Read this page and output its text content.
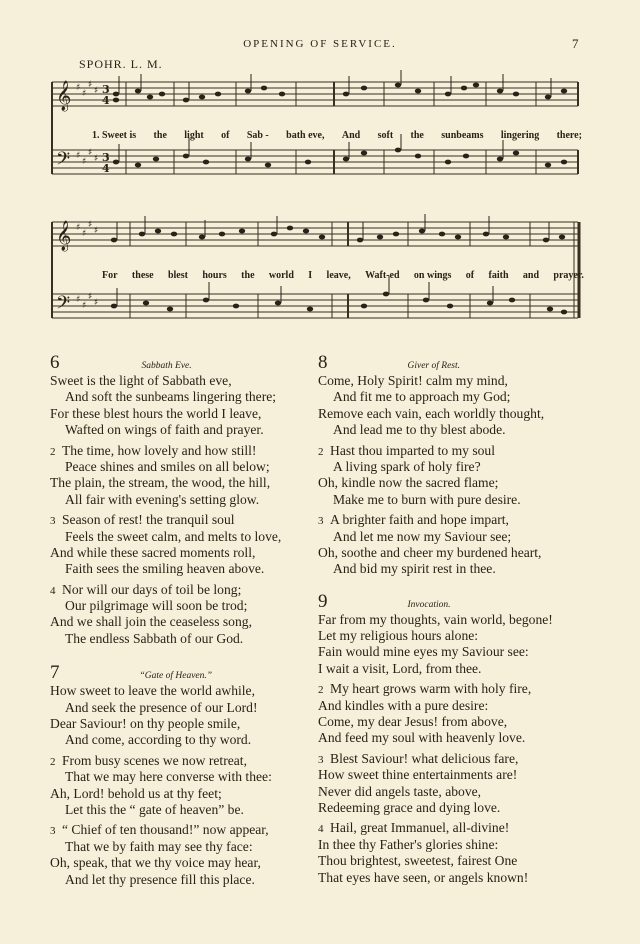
OPENING OF SERVICE.	7
SPOHR. L. M.
𝄞
𝄢
♯
♯
♯
♯
♯
♯
♯
♯
3
4
3
4
1. Sweet is the light of Sab - bath eve, And soft the sunbeams lingering there;
𝄞
𝄢
♯
♯
♯
♯
♯
♯
♯
♯
For these blest hours the world I leave, Waft-ed on wings of faith and prayer.
6	Sabbath Eve.
Sweet is the light of Sabbath eve,
And soft the sunbeams lingering there;
For these blest hours the world I leave,
Wafted on wings of faith and prayer.
2 The time, how lovely and how still!
Peace shines and smiles on all below;
The plain, the stream, the wood, the hill,
All fair with evening's setting glow.
3 Season of rest! the tranquil soul
Feels the sweet calm, and melts to love,
And while these sacred moments roll,
Faith sees the smiling heaven above.
4 Nor will our days of toil be long;
Our pilgrimage will soon be trod;
And we shall join the ceaseless song,
The endless Sabbath of our God.
7	“Gate of Heaven.”
How sweet to leave the world awhile,
And seek the presence of our Lord!
Dear Saviour! on thy people smile,
And come, according to thy word.
2 From busy scenes we now retreat,
That we may here converse with thee:
Ah, Lord! behold us at thy feet;
Let this the “ gate of heaven” be.
3 “ Chief of ten thousand!” now appear,
That we by faith may see thy face:
Oh, speak, that we thy voice may hear,
And let thy presence fill this place.
8	Giver of Rest.
Come, Holy Spirit! calm my mind,
And fit me to approach my God;
Remove each vain, each worldly thought,
And lead me to thy blest abode.
2 Hast thou imparted to my soul
A living spark of holy fire?
Oh, kindle now the sacred flame;
Make me to burn with pure desire.
3 A brighter faith and hope impart,
And let me now my Saviour see;
Oh, soothe and cheer my burdened heart,
And bid my spirit rest in thee.
9	Invocation.
Far from my thoughts, vain world, begone!
Let my religious hours alone:
Fain would mine eyes my Saviour see:
I wait a visit, Lord, from thee.
2 My heart grows warm with holy fire,
And kindles with a pure desire:
Come, my dear Jesus! from above,
And feed my soul with heavenly love.
3 Blest Saviour! what delicious fare,
How sweet thine entertainments are!
Never did angels taste, above,
Redeeming grace and dying love.
4 Hail, great Immanuel, all-divine!
In thee thy Father's glories shine:
Thou brightest, sweetest, fairest One
That eyes have seen, or angels known!
